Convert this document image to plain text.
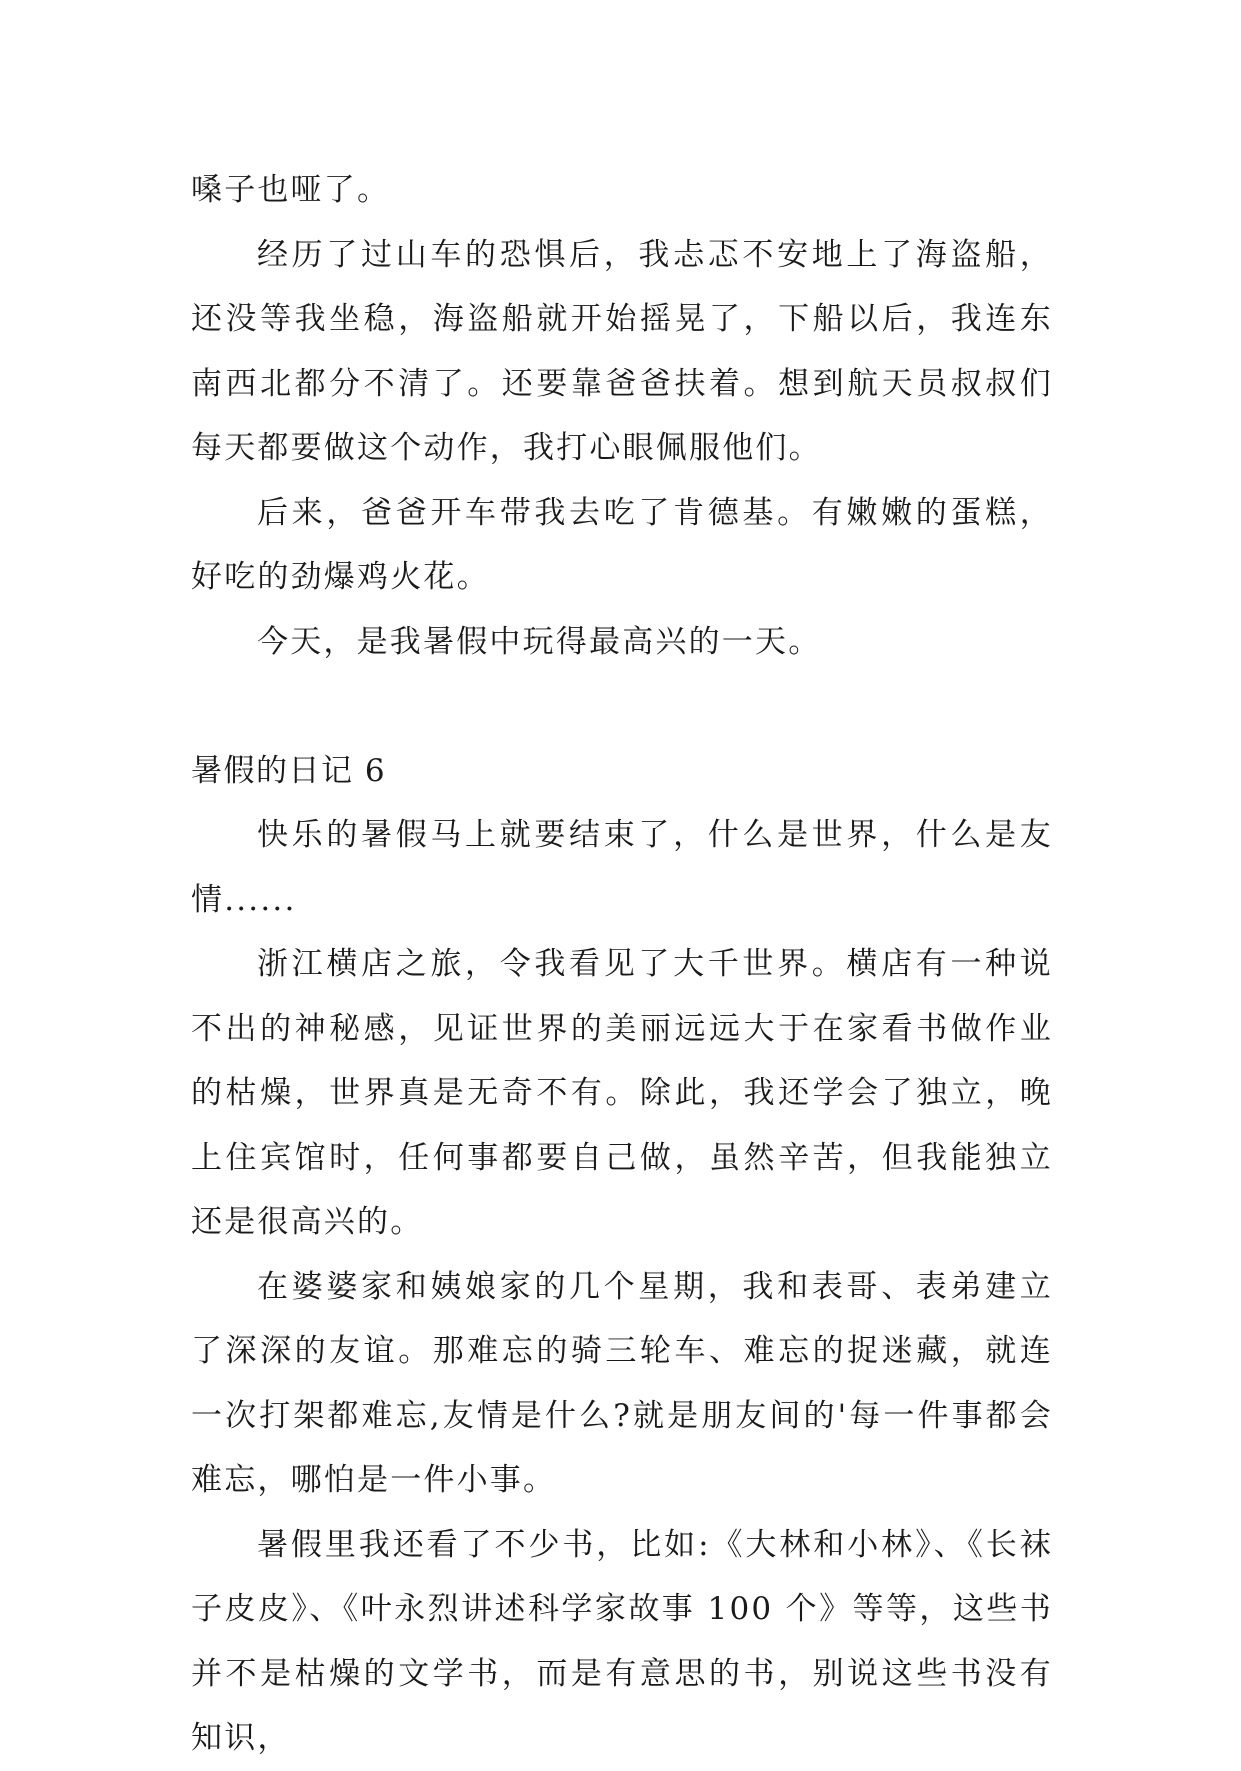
嗓子也哑了。

经历了过山车的恐惧后，我忐忑不安地上了海盗船，还没等我坐稳，海盗船就开始摇晃了，下船以后，我连东南西北都分不清了。还要靠爸爸扶着。想到航天员叔叔们每天都要做这个动作，我打心眼佩服他们。

后来，爸爸开车带我去吃了肯德基。有嫩嫩的蛋糕，好吃的劲爆鸡火花。

今天，是我暑假中玩得最高兴的一天。

暑假的日记 6

快乐的暑假马上就要结束了，什么是世界，什么是友情......

浙江横店之旅，令我看见了大千世界。横店有一种说不出的神秘感，见证世界的美丽远远大于在家看书做作业的枯燥，世界真是无奇不有。除此，我还学会了独立，晚上住宾馆时，任何事都要自己做，虽然辛苦，但我能独立还是很高兴的。

在婆婆家和姨娘家的几个星期，我和表哥、表弟建立了深深的友谊。那难忘的骑三轮车、难忘的捉迷藏，就连一次打架都难忘,友情是什么?就是朋友间的'每一件事都会难忘，哪怕是一件小事。

暑假里我还看了不少书，比如:《大林和小林》、《长袜子皮皮》、《叶永烈讲述科学家故事 100 个》等等，这些书并不是枯燥的文学书，而是有意思的书，别说这些书没有知识，
